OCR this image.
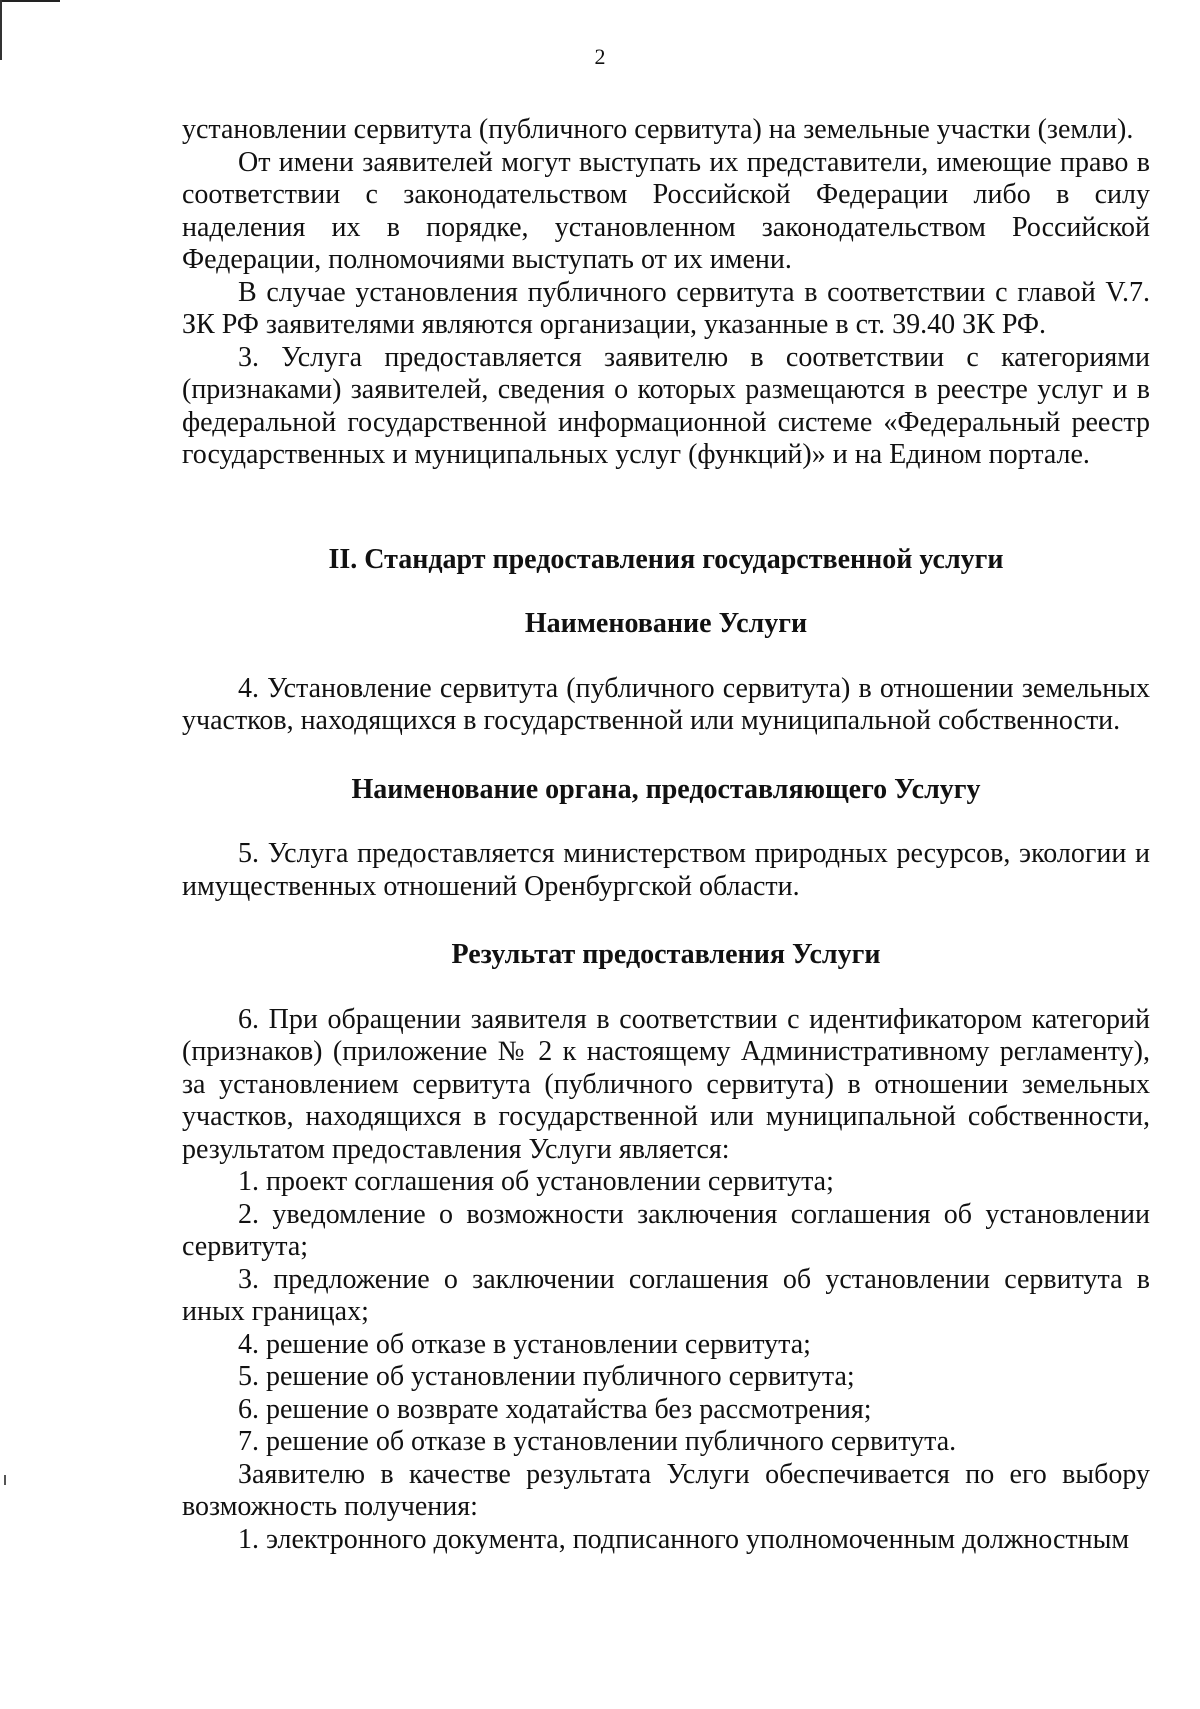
2

установлении сервитута (публичного сервитута) на земельные участки (земли).

От имени заявителей могут выступать их представители, имеющие право в соответствии с законодательством Российской Федерации либо в силу наделения их в порядке, установленном законодательством Российской Федерации, полномочиями выступать от их имени.

В случае установления публичного сервитута в соответствии с главой V.7. ЗК РФ заявителями являются организации, указанные в ст. 39.40 ЗК РФ.

3. Услуга предоставляется заявителю в соответствии с категориями (признаками) заявителей, сведения о которых размещаются в реестре услуг и в федеральной государственной информационной системе «Федеральный реестр государственных и муниципальных услуг (функций)» и на Едином портале.

II. Стандарт предоставления государственной услуги
Наименование Услуги

4. Установление сервитута (публичного сервитута) в отношении земельных участков, находящихся в государственной или муниципальной собственности.

Наименование органа, предоставляющего Услугу

5. Услуга предоставляется министерством природных ресурсов, экологии и имущественных отношений Оренбургской области.

Результат предоставления Услуги

6. При обращении заявителя в соответствии с идентификатором категорий (признаков) (приложение № 2 к настоящему Административному регламенту), за установлением сервитута (публичного сервитута) в отношении земельных участков, находящихся в государственной или муниципальной собственности, результатом предоставления Услуги является:

1. проект соглашения об установлении сервитута;

2. уведомление о возможности заключения соглашения об установлении сервитута;

3. предложение о заключении соглашения об установлении сервитута в иных границах;

4. решение об отказе в установлении сервитута;

5. решение об установлении публичного сервитута;

6. решение о возврате ходатайства без рассмотрения;

7. решение об отказе в установлении публичного сервитута.

Заявителю в качестве результата Услуги обеспечивается по его выбору возможность получения:

1. электронного документа, подписанного уполномоченным должностным
